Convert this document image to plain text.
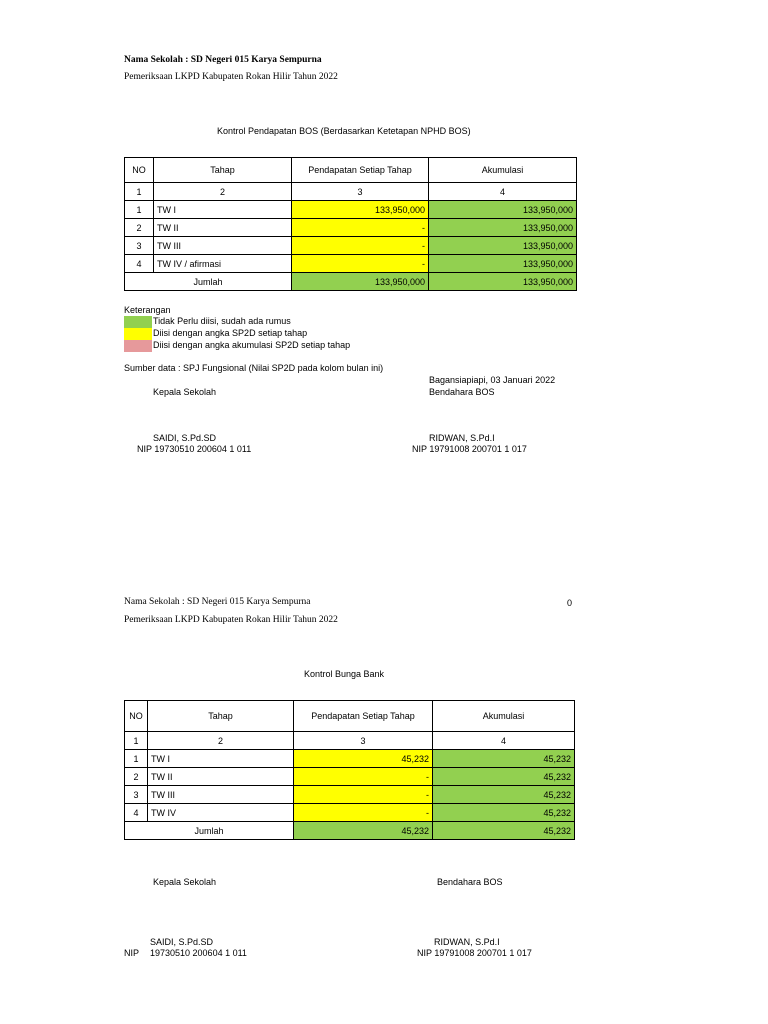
Nama Sekolah : SD Negeri 015 Karya Sempurna
Pemeriksaan LKPD Kabupaten Rokan Hilir Tahun 2022
Kontrol Pendapatan BOS (Berdasarkan Ketetapan NPHD BOS)
NO	Tahap	Pendapatan Setiap Tahap	Akumulasi
1	2	3	4
1	TW I	133,950,000	133,950,000
2	TW II	-	133,950,000
3	TW III	-	133,950,000
4	TW IV / afirmasi	-	133,950,000
Jumlah		133,950,000	133,950,000
Keterangan
Tidak Perlu diisi, sudah ada rumus
Diisi dengan angka SP2D setiap tahap
Diisi dengan angka akumulasi SP2D setiap tahap
Sumber data : SPJ Fungsional (Nilai SP2D pada kolom bulan ini)
Bagansiapiapi, 03 Januari 2022
Kepala Sekolah	Bendahara BOS
SAIDI, S.Pd.SD
NIP 19730510 200604 1 011
RIDWAN, S.Pd.I
NIP 19791008 200701 1 017
Nama Sekolah : SD Negeri 015 Karya Sempurna	0
Pemeriksaan LKPD Kabupaten Rokan Hilir Tahun 2022
Kontrol Bunga Bank
NO	Tahap	Pendapatan Setiap Tahap	Akumulasi
1	2	3	4
1	TW I	45,232	45,232
2	TW II	-	45,232
3	TW III	-	45,232
4	TW IV	-	45,232
Jumlah		45,232	45,232
Kepala Sekolah	Bendahara BOS
SAIDI, S.Pd.SD
NIP 19730510 200604 1 011
RIDWAN, S.Pd.I
NIP 19791008 200701 1 017
